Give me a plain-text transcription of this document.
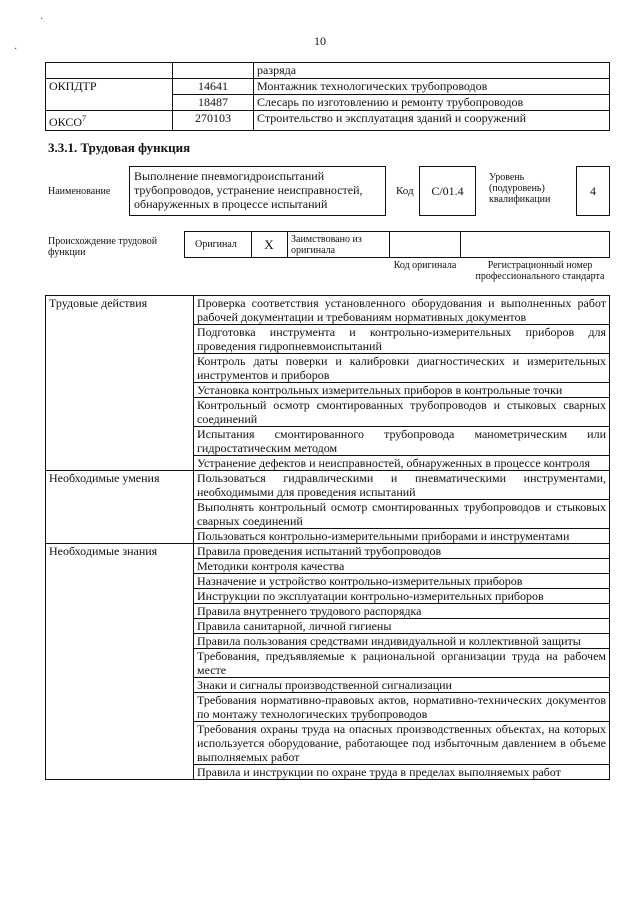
·
·
10
		разряда
ОКПДТР	14641	Монтажник технологических трубопроводов
	18487	Слесарь по изготовлению и ремонту трубопроводов
ОКСО$^7$	270103	Строительство и эксплуатация зданий и сооружений
3.3.1. Трудовая функция
Наименование
Выполнение пневмогидроиспытаний трубопроводов, устранение неисправностей, обнаруженных в процессе испытаний
Код	C/01.4
Уровень (подуровень) квалификации
4
Происхождение трудовой функции
Оригинал	X	Заимствовано из оригинала
Код оригинала	Регистрационный номер профессионального стандарта
Трудовые действия	Проверка соответствия установленного оборудования и выполненных работ рабочей документации и требованиям нормативных документов
	Подготовка инструмента и контрольно-измерительных приборов для проведения гидропневмоиспытаний
	Контроль даты поверки и калибровки диагностических и измерительных инструментов и приборов
	Установка контрольных измерительных приборов в контрольные точки
	Контрольный осмотр смонтированных трубопроводов и стыковых сварных соединений
	Испытания смонтированного трубопровода манометрическим или гидростатическим методом
	Устранение дефектов и неисправностей, обнаруженных в процессе контроля
Необходимые умения	Пользоваться гидравлическими и пневматическими инструментами, необходимыми для проведения испытаний
	Выполнять контрольный осмотр смонтированных трубопроводов и стыковых сварных соединений
	Пользоваться контрольно-измерительными приборами и инструментами
Необходимые знания	Правила проведения испытаний трубопроводов
	Методики контроля качества
	Назначение и устройство контрольно-измерительных приборов
	Инструкции по эксплуатации контрольно-измерительных приборов
	Правила внутреннего трудового распорядка
	Правила санитарной, личной гигиены
	Правила пользования средствами индивидуальной и коллективной защиты
	Требования, предъявляемые к рациональной организации труда на рабочем месте
	Знаки и сигналы производственной сигнализации
	Требования нормативно-правовых актов, нормативно-технических документов по монтажу технологических трубопроводов
	Требования охраны труда на опасных производственных объектах, на которых используется оборудование, работающее под избыточным давлением в объеме выполняемых работ
	Правила и инструкции по охране труда в пределах выполняемых работ
